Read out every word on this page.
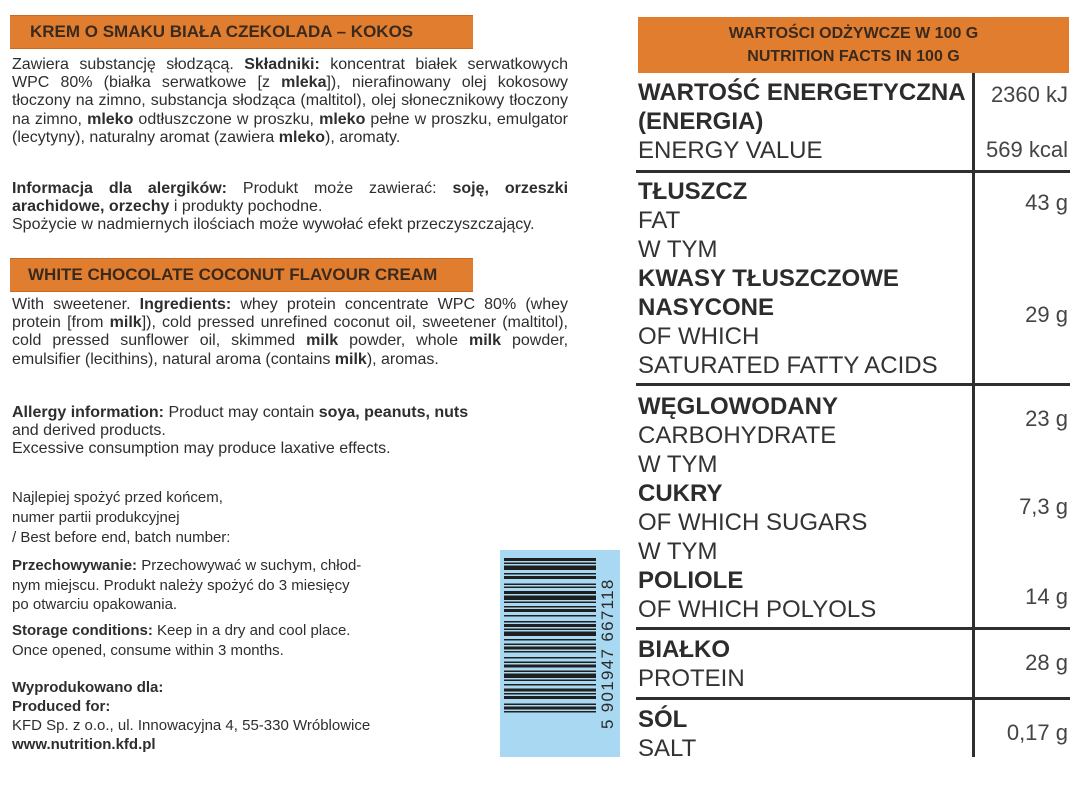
KREM O SMAKU BIAŁA CZEKOLADA – KOKOS

Zawiera substancję słodzącą. Składniki: koncentrat białek serwatkowych WPC 80% (białka serwatkowe [z mleka]), nierafinowany olej kokosowy tłoczony na zimno, substancja słodząca (maltitol), olej słonecznikowy tłoczony na zimno, mleko odtłuszczone w proszku, mleko pełne w proszku, emulgator (lecytyny), naturalny aromat (zawiera mleko), aromaty.

Informacja dla alergików: Produkt może zawierać: soję, orzeszki arachidowe, orzechy i produkty pochodne.
Spożycie w nadmiernych ilościach może wywołać efekt przeczyszczający.

WHITE CHOCOLATE COCONUT FLAVOUR CREAM

With sweetener. Ingredients: whey protein concentrate WPC 80% (whey protein [from milk]), cold pressed unrefined coconut oil, sweetener (maltitol), cold pressed sunflower oil, skimmed milk powder, whole milk powder, emulsifier (lecithins), natural aroma (contains milk), aromas.

Allergy information: Product may contain soya, peanuts, nuts
and derived products.
Excessive consumption may produce laxative effects.

Najlepiej spożyć przed końcem,
numer partii produkcyjnej
/ Best before end, batch number:

Przechowywanie: Przechowywać w suchym, chłod-
nym miejscu. Produkt należy spożyć do 3 miesięcy
po otwarciu opakowania.

Storage conditions: Keep in a dry and cool place.
Once opened, consume within 3 months.

Wyprodukowano dla:
Produced for:
KFD Sp. z o.o., ul. Innowacyjna 4, 55-330 Wróblowice
www.nutrition.kfd.pl

5 901947 667118
WARTOŚCI ODŻYWCZE W 100 G
NUTRITION FACTS IN 100 G
WARTOŚĆ ENERGETYCZNA
(ENERGIA)
ENERGY VALUE
2360 kJ
569 kcal
TŁUSZCZ
FAT
W TYM
KWASY TŁUSZCZOWE
NASYCONE
OF WHICH
SATURATED FATTY ACIDS
43 g
29 g
WĘGLOWODANY
CARBOHYDRATE
W TYM
CUKRY
OF WHICH SUGARS
W TYM
POLIOLE
OF WHICH POLYOLS
23 g
7,3 g
14 g
BIAŁKO
PROTEIN
28 g
SÓL
SALT
0,17 g
